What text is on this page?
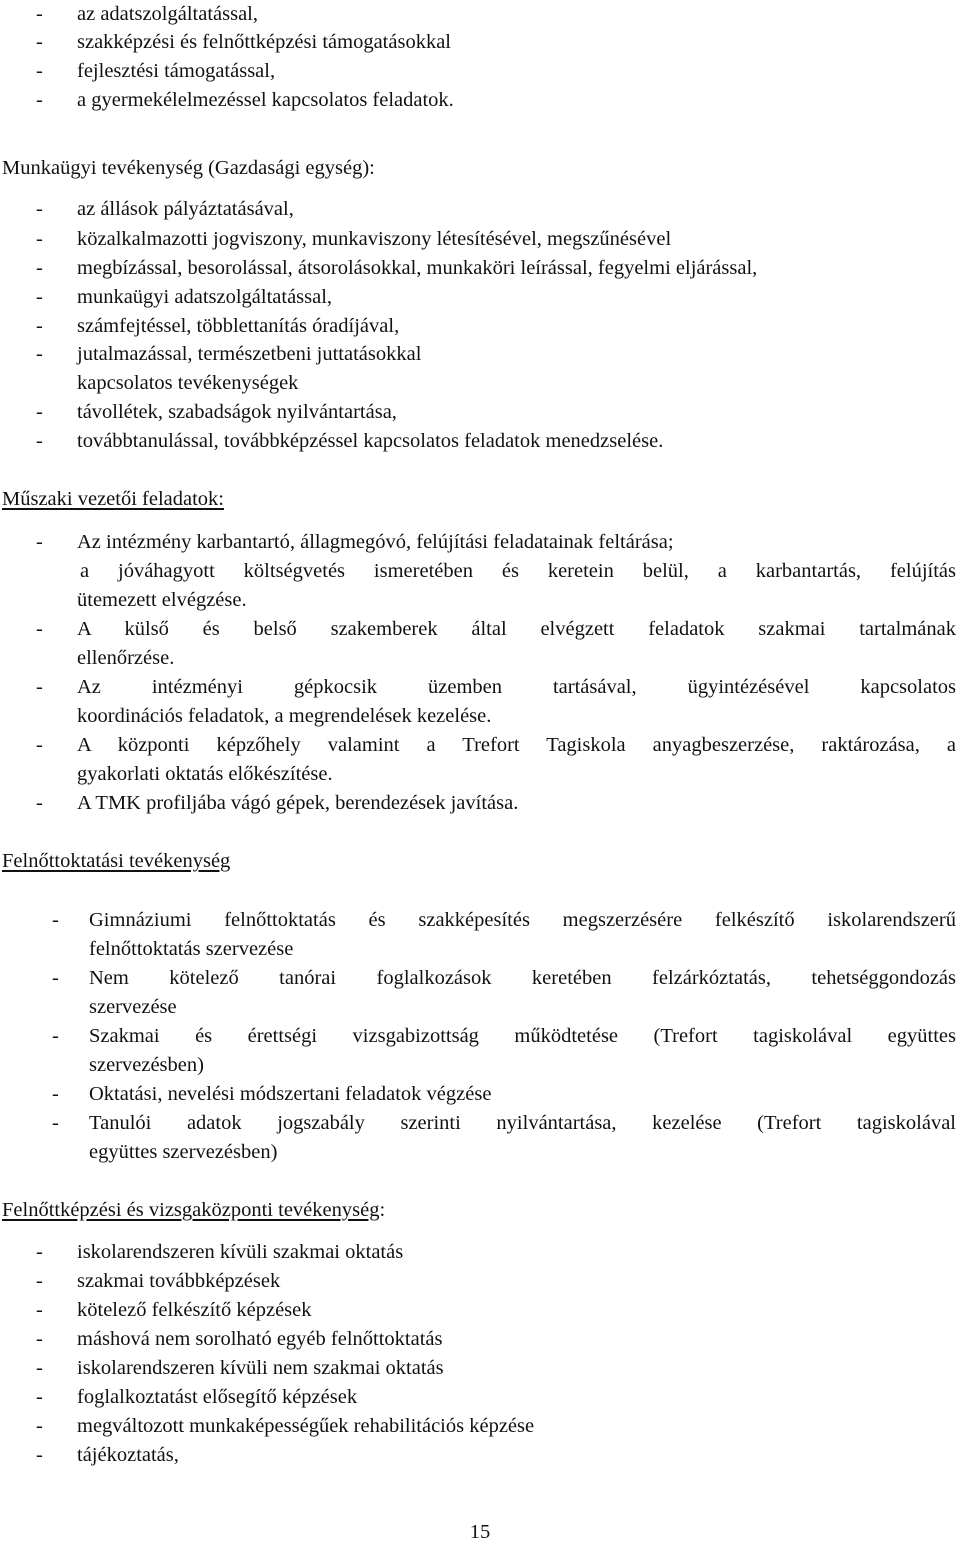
- az adatszolgáltatással,
- szakképzési és felnőttképzési támogatásokkal
- fejlesztési támogatással,
- a gyermekélelmezéssel kapcsolatos feladatok.
Munkaügyi tevékenység (Gazdasági egység):
- az állások pályáztatásával,
- közalkalmazotti jogviszony, munkaviszony létesítésével, megszűnésével
- megbízással, besorolással, átsorolásokkal, munkaköri leírással, fegyelmi eljárással,
- munkaügyi adatszolgáltatással,
- számfejtéssel, többlettanítás óradíjával,
- jutalmazással, természetbeni juttatásokkal
kapcsolatos tevékenységek
- távollétek, szabadságok nyilvántartása,
- továbbtanulással, továbbképzéssel kapcsolatos feladatok menedzselése.
Műszaki vezetői feladatok:
- Az intézmény karbantartó, állagmegóvó, felújítási feladatainak feltárása;
a jóváhagyott költségvetés ismeretében és keretein belül, a karbantartás, felújítás
ütemezett elvégzése.
- A külső és belső szakemberek által elvégzett feladatok szakmai tartalmának
ellenőrzése.
- Az intézményi gépkocsik üzemben tartásával, ügyintézésével kapcsolatos
koordinációs feladatok, a megrendelések kezelése.
- A központi képzőhely valamint a Trefort Tagiskola anyagbeszerzése, raktározása, a
gyakorlati oktatás előkészítése.
- A TMK profiljába vágó gépek, berendezések javítása.
Felnőttoktatási tevékenység
- Gimnáziumi felnőttoktatás és szakképesítés megszerzésére felkészítő iskolarendszerű
felnőttoktatás szervezése
- Nem kötelező tanórai foglalkozások keretében felzárkóztatás, tehetséggondozás
szervezése
- Szakmai és érettségi vizsgabizottság működtetése (Trefort tagiskolával együttes
szervezésben)
- Oktatási, nevelési módszertani feladatok végzése
- Tanulói adatok jogszabály szerinti nyilvántartása, kezelése (Trefort tagiskolával
együttes szervezésben)
Felnőttképzési és vizsgaközponti tevékenység:
- iskolarendszeren kívüli szakmai oktatás
- szakmai továbbképzések
- kötelező felkészítő képzések
- máshová nem sorolható egyéb felnőttoktatás
- iskolarendszeren kívüli nem szakmai oktatás
- foglalkoztatást elősegítő képzések
- megváltozott munkaképességűek rehabilitációs képzése
- tájékoztatás,
15
